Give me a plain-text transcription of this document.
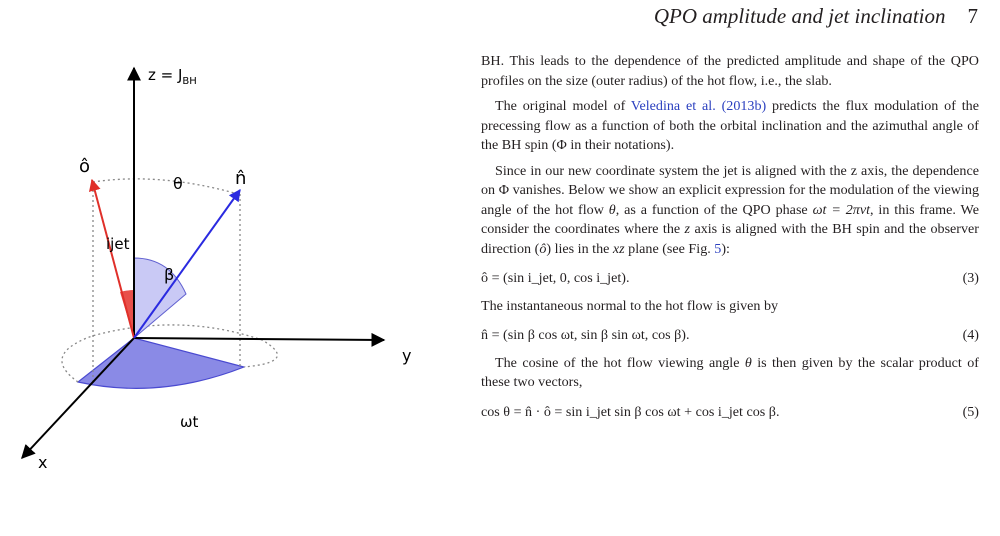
QPO amplitude and jet inclination 7
$z = J_{BH}$
y
x
ô
n̂
θ
β
ijet
ωt

BH. This leads to the dependence of the predicted amplitude and shape of the QPO profiles on the size (outer radius) of the hot flow, i.e., the slab.

The original model of Veledina et al. (2013b) predicts the flux modulation of the precessing flow as a function of both the orbital inclination and the azimuthal angle of the BH spin (Φ in their notations).

Since in our new coordinate system the jet is aligned with the z axis, the dependence on Φ vanishes. Below we show an explicit expression for the modulation of the viewing angle of the hot flow θ, as a function of the QPO phase ωt = 2πνt, in this frame. We consider the coordinates where the z axis is aligned with the BH spin and the observer direction (ô) lies in the xz plane (see Fig. 5):

ô = (sin i_jet, 0, cos i_jet).	(3)

The instantaneous normal to the hot flow is given by

n̂ = (sin β cos ωt, sin β sin ωt, cos β).	(4)

The cosine of the hot flow viewing angle θ is then given by the scalar product of these two vectors,

cos θ = n̂ · ô = sin i_jet sin β cos ωt + cos i_jet cos β.	(5)
